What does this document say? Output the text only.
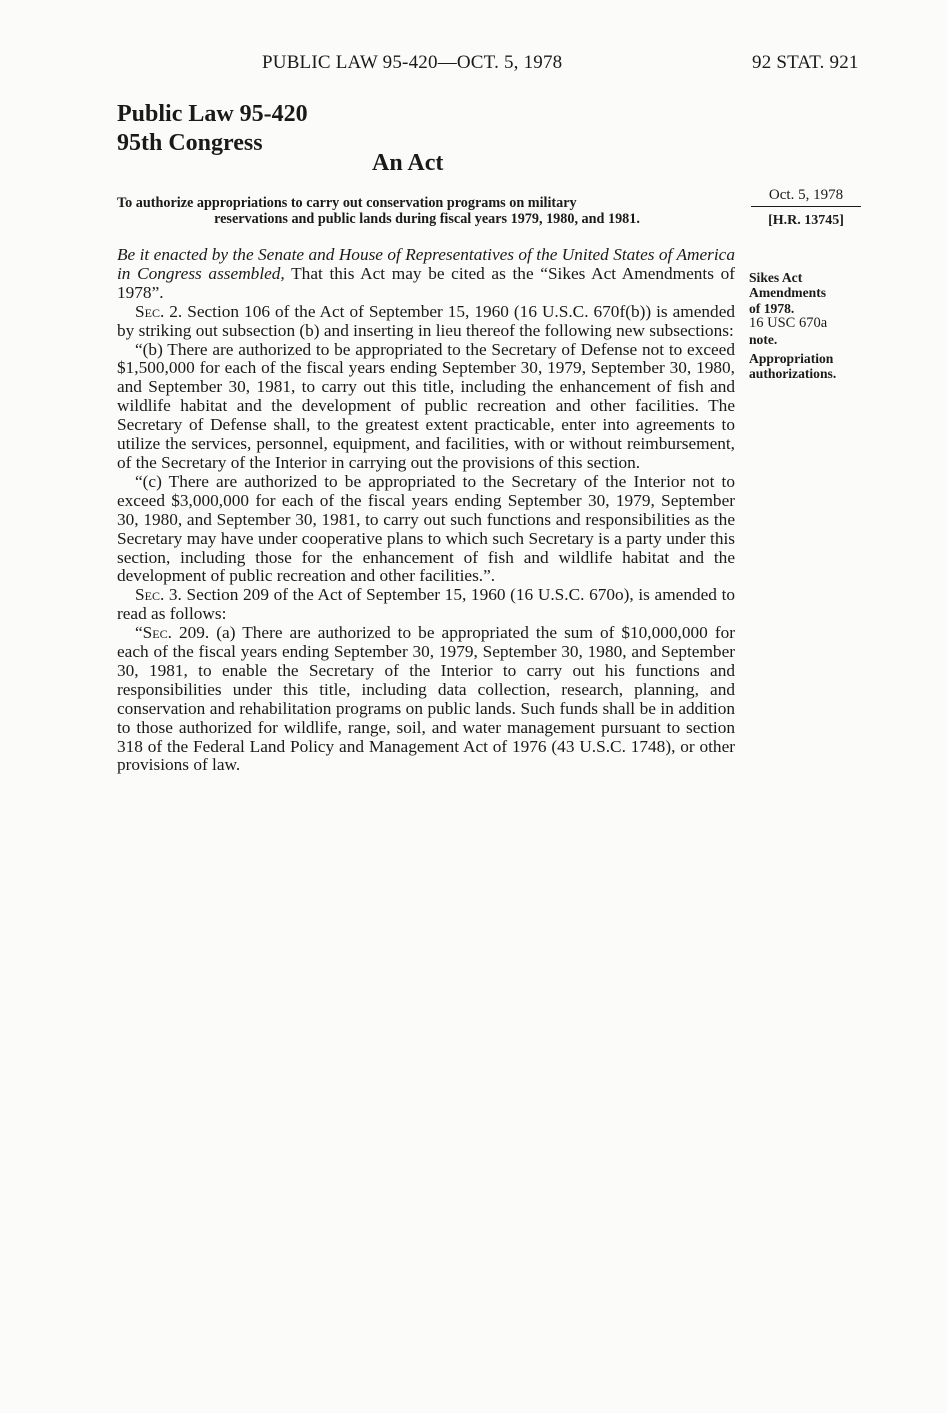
PUBLIC LAW 95-420—OCT. 5, 1978	92 STAT. 921
Public Law 95-420
95th Congress
An Act
To authorize appropriations to carry out conservation programs on military
reservations and public lands during fiscal years 1979, 1980, and 1981.
Oct. 5, 1978
[H.R. 13745]

Be it enacted by the Senate and House of Representatives of the United States of America in Congress assembled, That this Act may be cited as the “Sikes Act Amendments of 1978”.

Sec. 2. Section 106 of the Act of September 15, 1960 (16 U.S.C. 670f(b)) is amended by striking out subsection (b) and inserting in lieu thereof the following new subsections:

“(b) There are authorized to be appropriated to the Secretary of Defense not to exceed $1,500,000 for each of the fiscal years ending September 30, 1979, September 30, 1980, and September 30, 1981, to carry out this title, including the enhancement of fish and wildlife habitat and the development of public recreation and other facilities. The Secretary of Defense shall, to the greatest extent practicable, enter into agreements to utilize the services, personnel, equipment, and facilities, with or without reimbursement, of the Secretary of the Interior in carrying out the provisions of this section.

“(c) There are authorized to be appropriated to the Secretary of the Interior not to exceed $3,000,000 for each of the fiscal years ending September 30, 1979, September 30, 1980, and September 30, 1981, to carry out such functions and responsibilities as the Secretary may have under cooperative plans to which such Secretary is a party under this section, including those for the enhancement of fish and wildlife habitat and the development of public recreation and other facilities.”.

Sec. 3. Section 209 of the Act of September 15, 1960 (16 U.S.C. 670o), is amended to read as follows:

“Sec. 209. (a) There are authorized to be appropriated the sum of $10,000,000 for each of the fiscal years ending September 30, 1979, September 30, 1980, and September 30, 1981, to enable the Secretary of the Interior to carry out his functions and responsibilities under this title, including data collection, research, planning, and conservation and rehabilitation programs on public lands. Such funds shall be in addition to those authorized for wildlife, range, soil, and water management pursuant to section 318 of the Federal Land Policy and Management Act of 1976 (43 U.S.C. 1748), or other provisions of law.

Sikes Act
Amendments
of 1978.
16 USC 670a
note.
Appropriation
authorizations.
